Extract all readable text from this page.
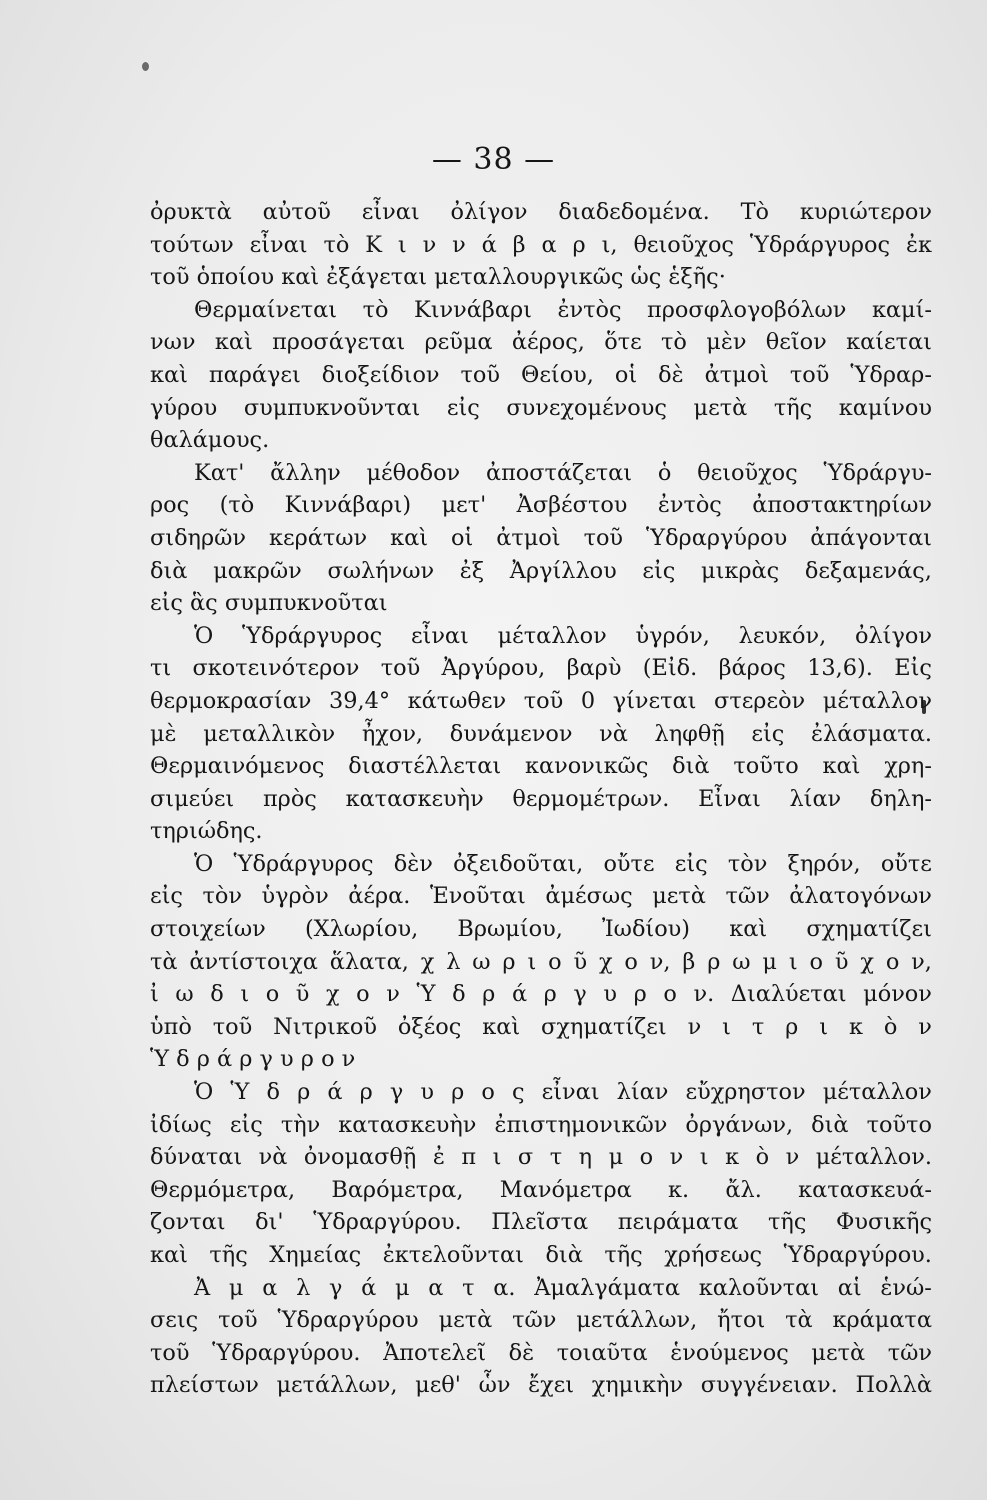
— 38 —
ὀρυκτὰ αὐτοῦ εἶναι ὀλίγον διαδεδομένα. Τὸ κυριώτερον
τούτων εἶναι τὸ Κ ι ν ν ά β α ρ ι, θειοῦχος Ὑδράργυρος ἐκ
τοῦ ὁποίου καὶ ἐξάγεται μεταλλουργικῶς ὡς ἑξῆς·
Θερμαίνεται τὸ Κιννάβαρι ἐντὸς προσφλογοβόλων καμί-
νων καὶ προσάγεται ρεῦμα ἀέρος, ὅτε τὸ μὲν θεῖον καίεται
καὶ παράγει διοξείδιον τοῦ Θείου, οἱ δὲ ἀτμοὶ τοῦ Ὑδραρ-
γύρου συμπυκνοῦνται εἰς συνεχομένους μετὰ τῆς καμίνου
θαλάμους.
Κατ' ἄλλην μέθοδον ἀποστάζεται ὁ θειοῦχος Ὑδράργυ-
ρος (τὸ Κιννάβαρι) μετ' Ἀσβέστου ἐντὸς ἀποστακτηρίων
σιδηρῶν κεράτων καὶ οἱ ἀτμοὶ τοῦ Ὑδραργύρου ἀπάγονται
διὰ μακρῶν σωλήνων ἐξ Ἀργίλλου εἰς μικρὰς δεξαμενάς,
εἰς ἃς συμπυκνοῦται
Ὁ Ὑδράργυρος εἶναι μέταλλον ὑγρόν, λευκόν, ὀλίγον
τι σκοτεινότερον τοῦ Ἀργύρου, βαρὺ (Εἰδ. βάρος 13,6). Εἰς
θερμοκρασίαν 39,4° κάτωθεν τοῦ 0 γίνεται στερεὸν μέταλλον
μὲ μεταλλικὸν ἦχον, δυνάμενον νὰ ληφθῇ εἰς ἐλάσματα.
Θερμαινόμενος διαστέλλεται κανονικῶς διὰ τοῦτο καὶ χρη-
σιμεύει πρὸς κατασκευὴν θερμομέτρων. Εἶναι λίαν δηλη-
τηριώδης.
Ὁ Ὑδράργυρος δὲν ὀξειδοῦται, οὔτε εἰς τὸν ξηρόν, οὔτε
εἰς τὸν ὑγρὸν ἀέρα. Ἑνοῦται ἀμέσως μετὰ τῶν ἀλατογόνων
στοιχείων (Χλωρίου, Βρωμίου, Ἰωδίου) καὶ σχηματίζει
τὰ ἀντίστοιχα ἅλατα, χ λ ω ρ ι ο ῦ χ ο ν, β ρ ω μ ι ο ῦ χ ο ν,
ἰ ω δ ι ο ῦ χ ο ν Ὑ δ ρ ά ρ γ υ ρ ο ν. Διαλύεται μόνον
ὑπὸ τοῦ Νιτρικοῦ ὀξέος καὶ σχηματίζει ν ι τ ρ ι κ ὸ ν
Ὑ δ ρ ά ρ γ υ ρ ο ν
Ὁ Ὑ δ ρ ά ρ γ υ ρ ο ς εἶναι λίαν εὔχρηστον μέταλλον
ἰδίως εἰς τὴν κατασκευὴν ἐπιστημονικῶν ὀργάνων, διὰ τοῦτο
δύναται νὰ ὀνομασθῇ ἐ π ι σ τ η μ ο ν ι κ ὸ ν μέταλλον.
Θερμόμετρα, Βαρόμετρα, Μανόμετρα κ. ἄλ. κατασκευά-
ζονται δι' Ὑδραργύρου. Πλεῖστα πειράματα τῆς Φυσικῆς
καὶ τῆς Χημείας ἐκτελοῦνται διὰ τῆς χρήσεως Ὑδραργύρου.
Ἀ μ α λ γ ά μ α τ α. Ἀμαλγάματα καλοῦνται αἱ ἑνώ-
σεις τοῦ Ὑδραργύρου μετὰ τῶν μετάλλων, ἤτοι τὰ κράματα
τοῦ Ὑδραργύρου. Ἀποτελεῖ δὲ τοιαῦτα ἑνούμενος μετὰ τῶν
πλείστων μετάλλων, μεθ' ὧν ἔχει χημικὴν συγγένειαν. Πολλὰ
